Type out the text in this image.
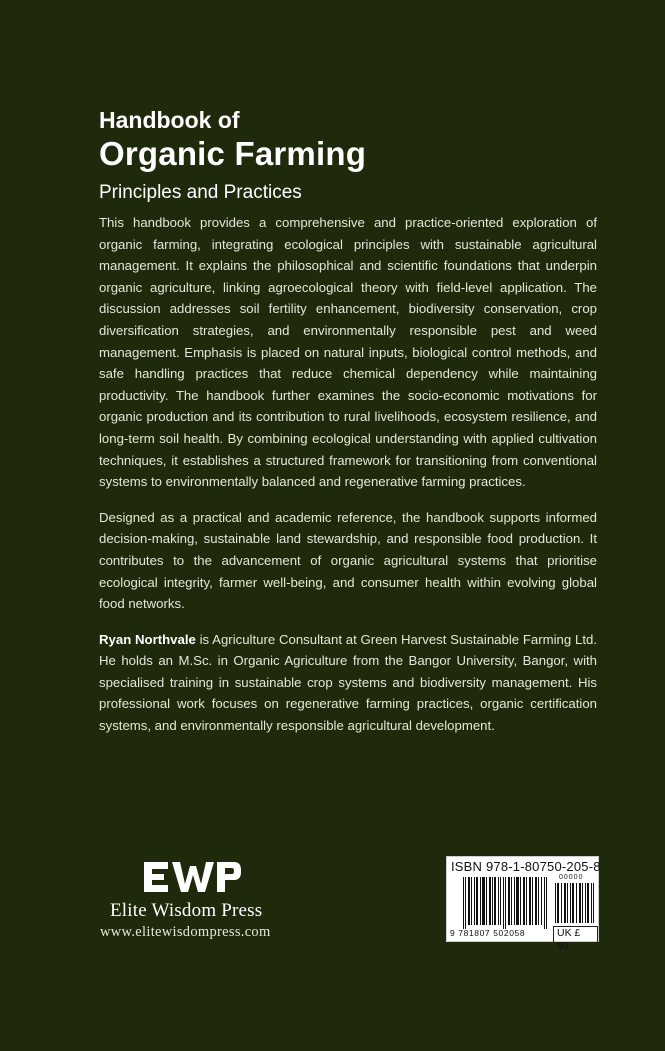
Handbook of
Organic Farming
Principles and Practices

This handbook provides a comprehensive and practice-oriented exploration of organic farming, integrating ecological principles with sustainable agricultural management. It explains the philosophical and scientific foundations that underpin organic agriculture, linking agroecological theory with field-level application. The discussion addresses soil fertility enhancement, biodiversity conservation, crop diversification strategies, and environmentally responsible pest and weed management. Emphasis is placed on natural inputs, biological control methods, and safe handling practices that reduce chemical dependency while maintaining productivity. The handbook further examines the socio-economic motivations for organic production and its contribution to rural livelihoods, ecosystem resilience, and long-term soil health. By combining ecological understanding with applied cultivation techniques, it establishes a structured framework for transitioning from conventional systems to environmentally balanced and regenerative farming practices.

Designed as a practical and academic reference, the handbook supports informed decision-making, sustainable land stewardship, and responsible food production. It contributes to the advancement of organic agricultural systems that prioritise ecological integrity, farmer well-being, and consumer health within evolving global food networks.

Ryan Northvale is Agriculture Consultant at Green Harvest Sustainable Farming Ltd. He holds an M.Sc. in Organic Agriculture from the Bangor University, Bangor, with specialised training in sustainable crop systems and biodiversity management. His professional work focuses on regenerative farming practices, organic certification systems, and environmentally responsible agricultural development.

Elite Wisdom Press
www.elitewisdompress.com
ISBN 978-1-80750-205-8
00000
9 781807 502058	UK £ 99
